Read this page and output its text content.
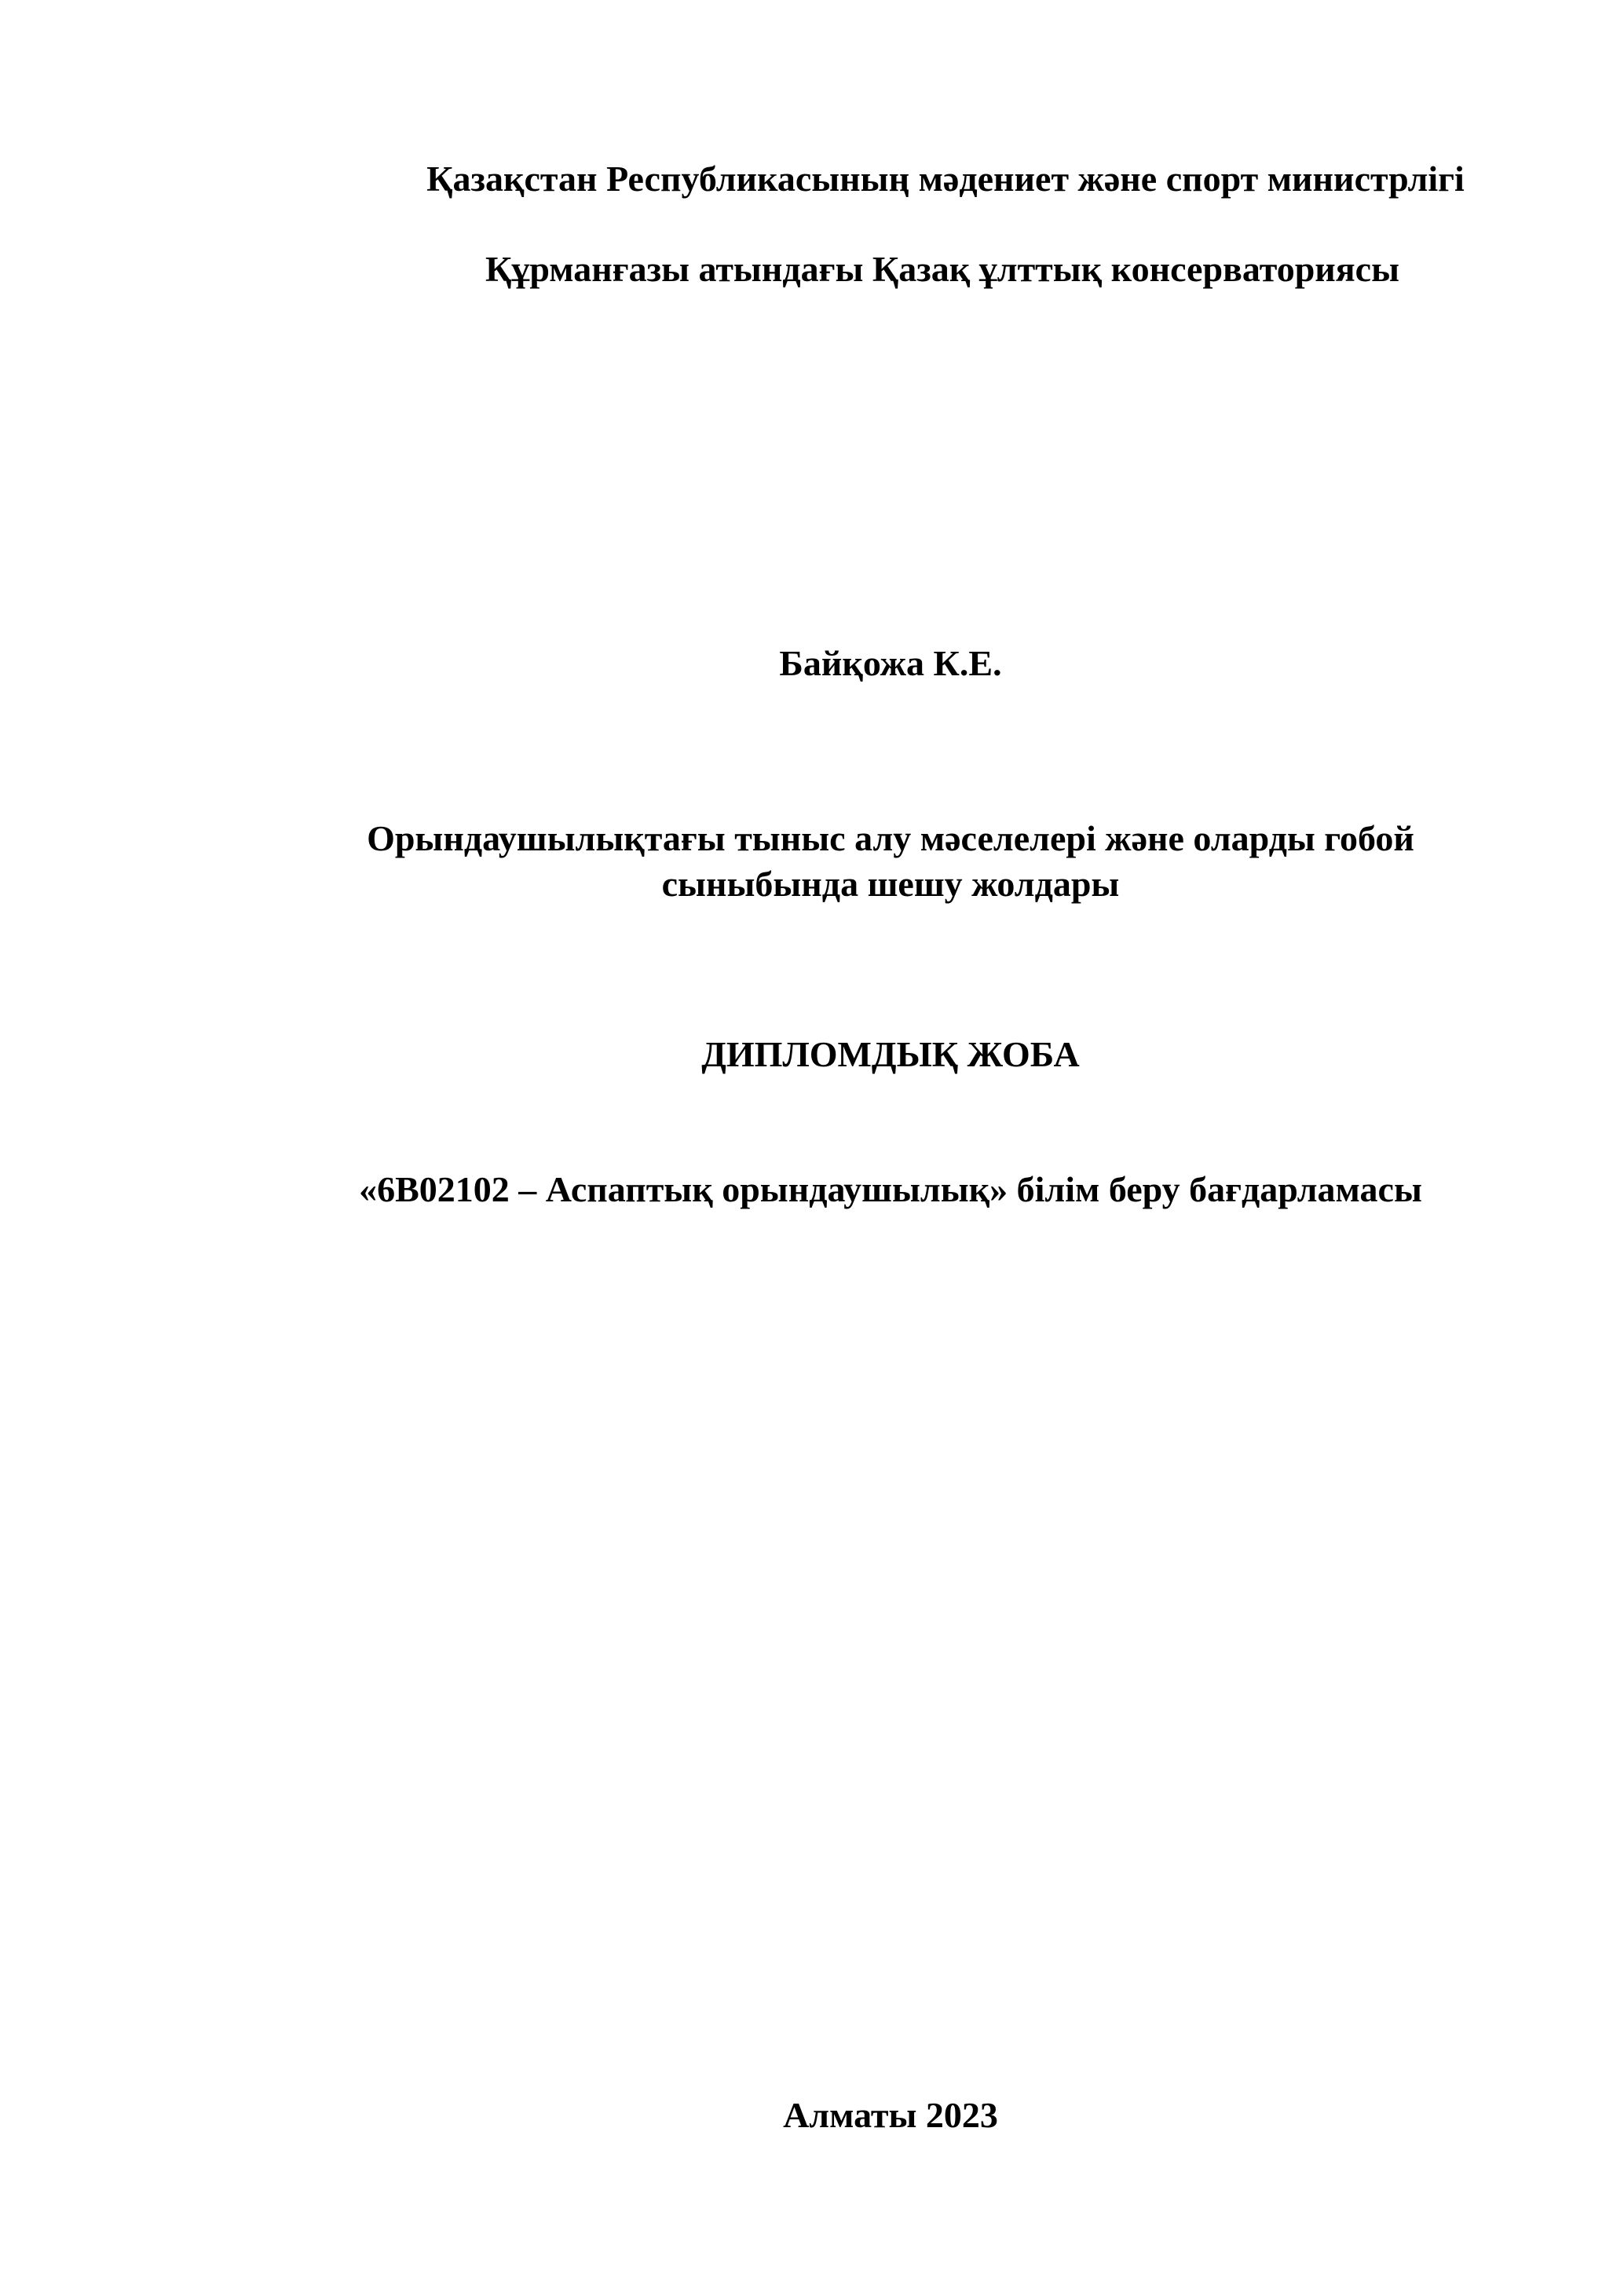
Қазақстан Республикасының мәдениет және спорт министрлігі
Құрманғазы атындағы Қазақ ұлттық консерваториясы
Байқожа К.Е.
Орындаушылықтағы тыныс алу мәселелері және оларды гобой
сыныбында шешу жолдары
ДИПЛОМДЫҚ ЖОБА
«6B02102 – Аспаптық орындаушылық» білім беру бағдарламасы
Алматы 2023
